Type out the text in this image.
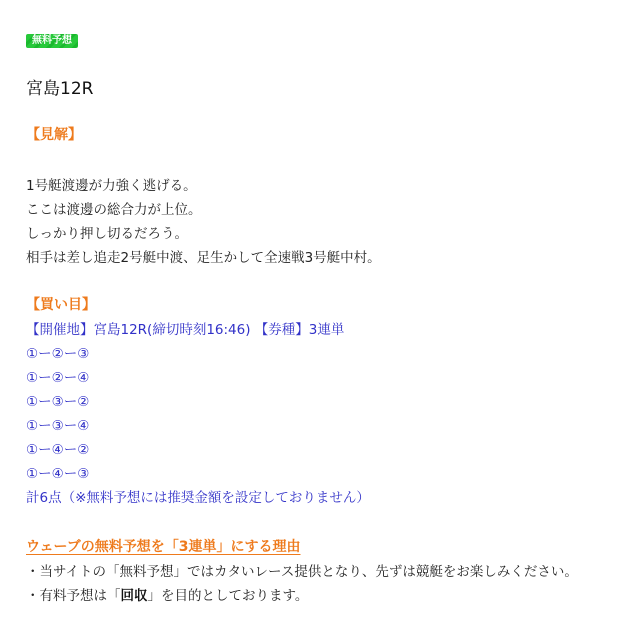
無料予想
宮島12R
【見解】
1号艇渡邊が力強く逃げる。
ここは渡邊の総合力が上位。
しっかり押し切るだろう。
相手は差し追走2号艇中渡、足生かして全速戦3号艇中村。
【買い目】
【開催地】宮島12R(締切時刻16:46) 【券種】3連単
①ー②ー③
①ー②ー④
①ー③ー②
①ー③ー④
①ー④ー②
①ー④ー③
計6点（※無料予想には推奨金額を設定しておりません）
ウェーブの無料予想を「3連単」にする理由
・当サイトの「無料予想」ではカタいレース提供となり、先ずは競艇をお楽しみください。
・有料予想は「回収」を目的としております。
